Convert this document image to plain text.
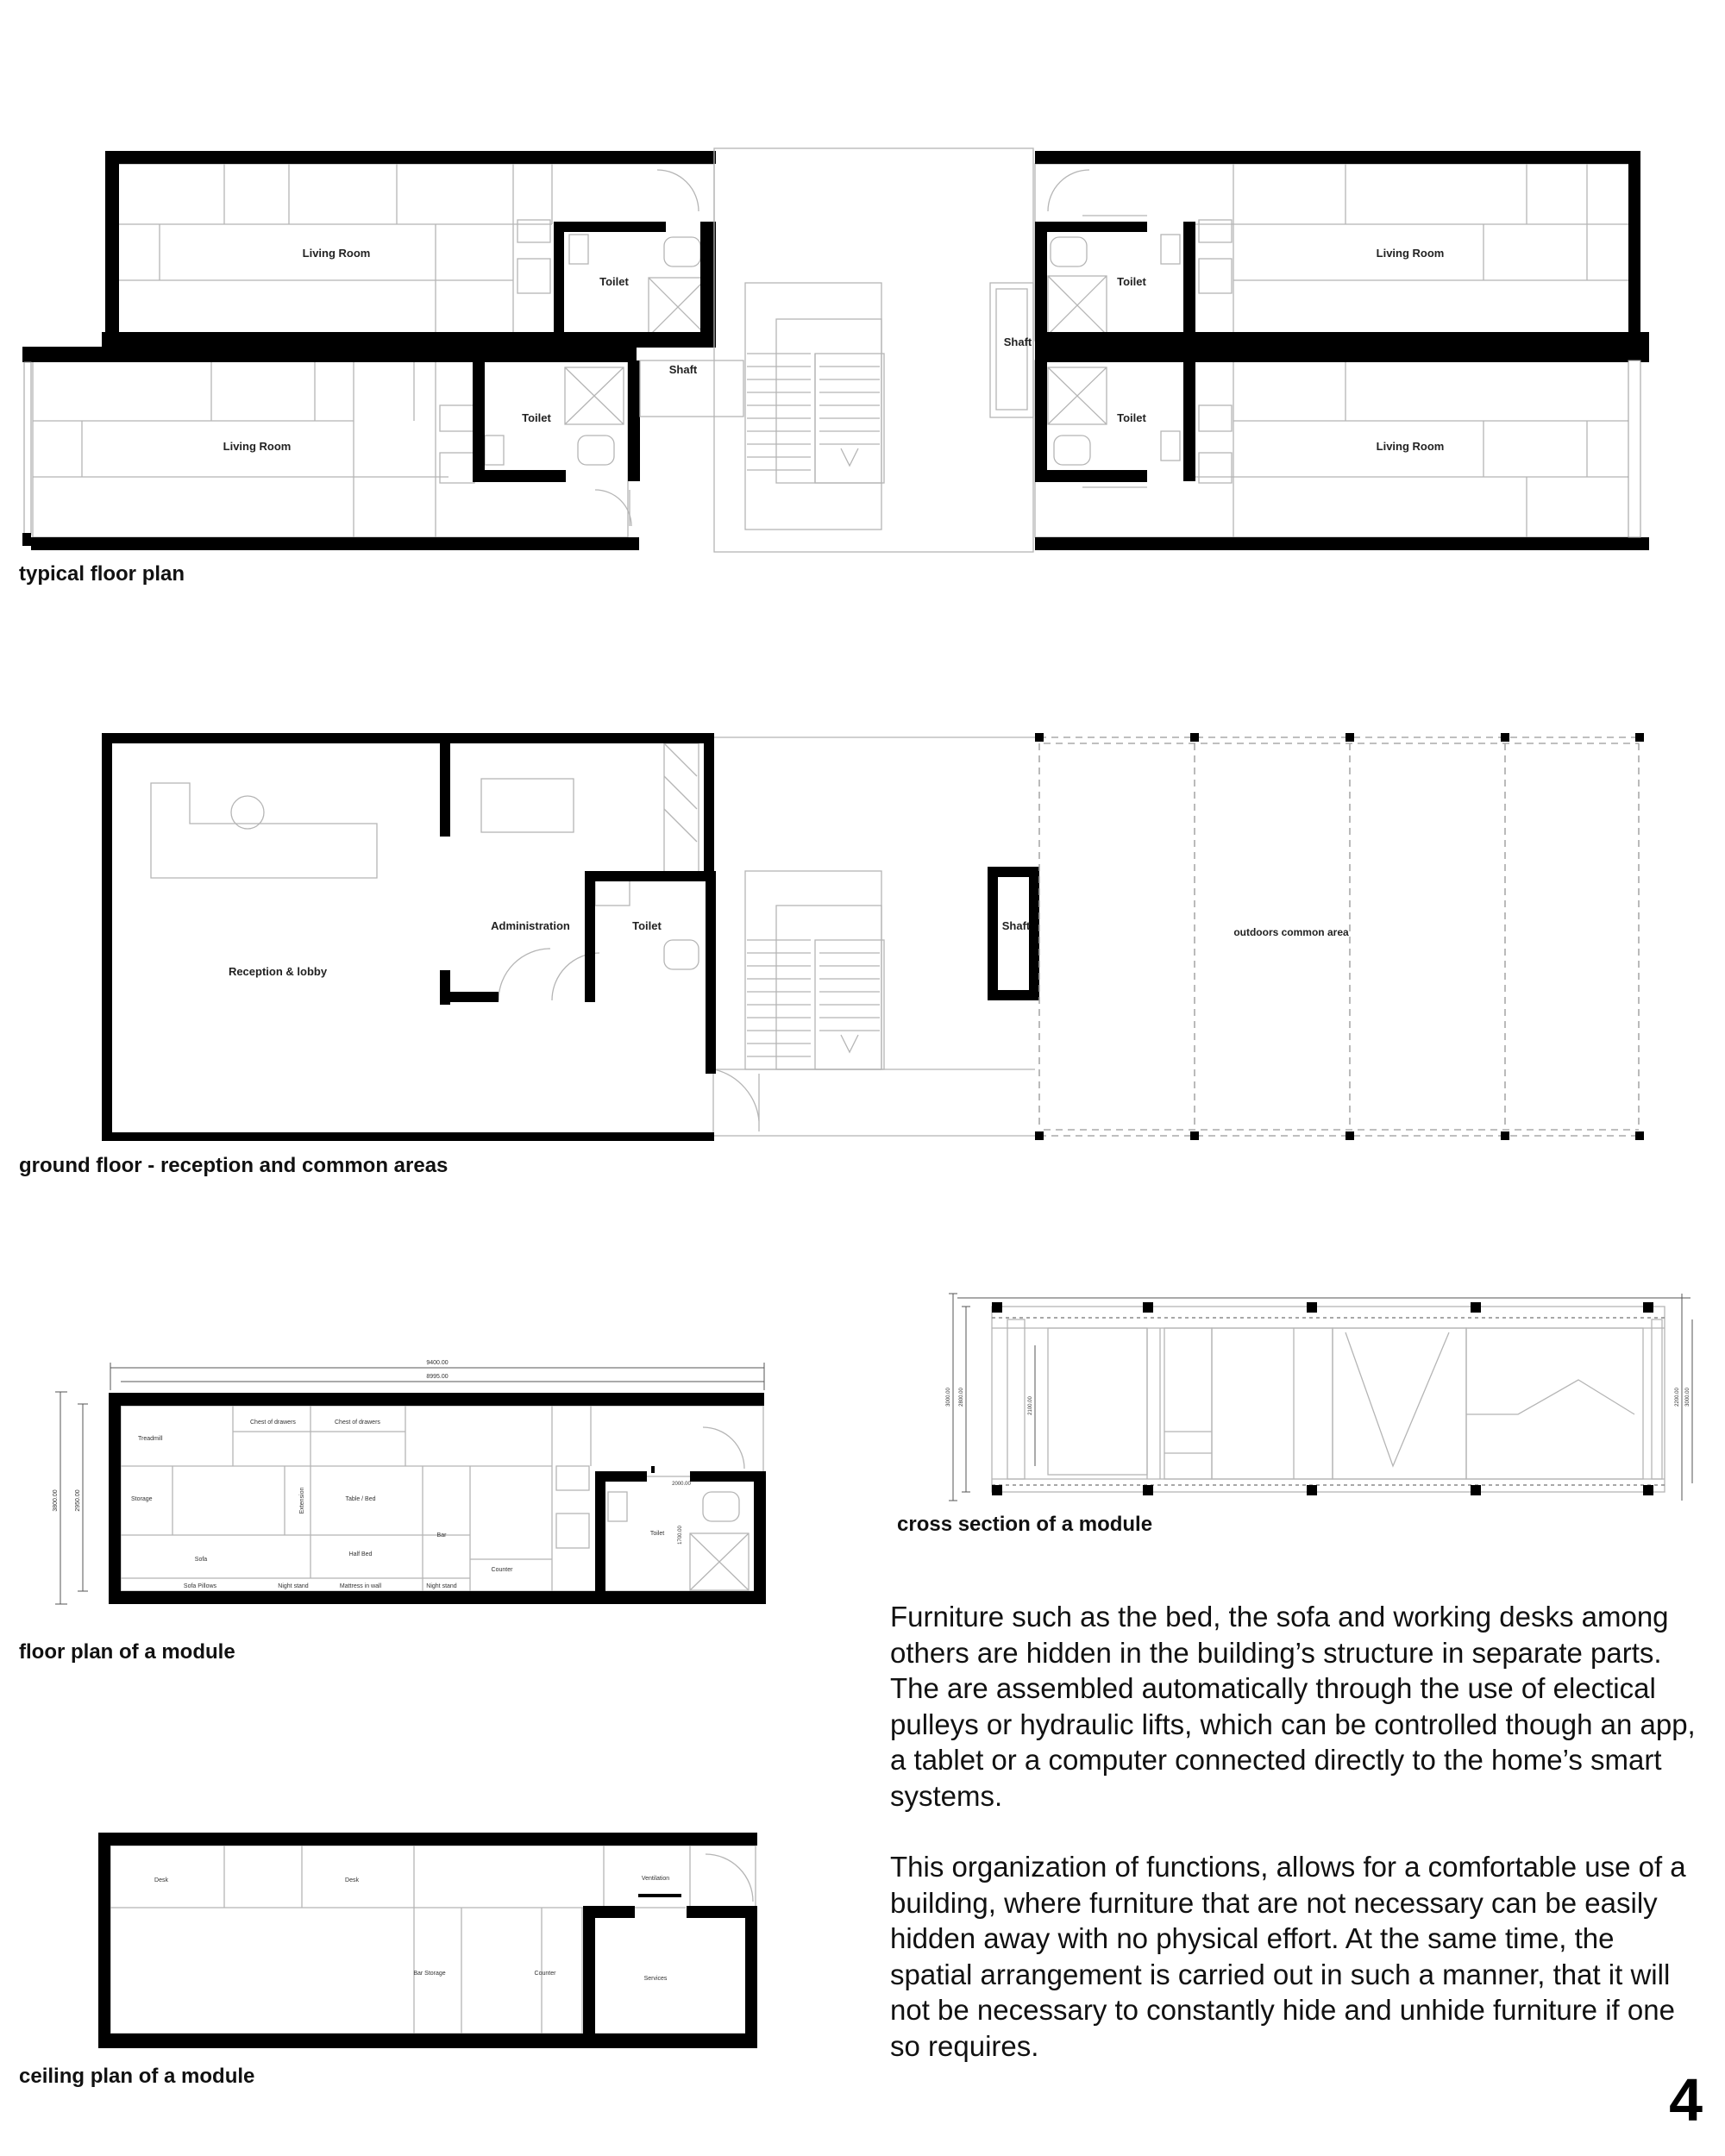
Living Room
Toilet
Living Room
Toilet
Shaft
Living Room
Toilet
Living Room
Toilet
Shaft
Reception & lobby
Administration	Toilet	Shaft	outdoors common area
9400.00
8995.00
3800.00	2950.00
Treadmill
Chest of drawers	Chest of drawers
Storage	Extension	Table / Bed
Bar
Sofa
Half Bed
Counter
Sofa Pillows	Night stand	Mattress in wall	Night stand
Toilet
2000.00
1700.00
Desk	Desk	Ventilation
Bar Storage	Counter
Services
3000.00 2800.00	2100.00	2200.00 3000.00
typical floor plan
ground floor - reception and common areas
cross section of a module
floor plan of a module
ceiling plan of a module

Furniture such as the bed, the sofa and working desks among others are hidden in the building’s structure in separate parts. The are assembled automatically through the use of electical pulleys or hydraulic lifts, which can be controlled though an app, a tablet or a computer connected directly to the home’s smart systems.

This organization of functions, allows for a comfortable use of a building, where furniture that are not necessary can be easily hidden away with no physical effort. At the same time, the spatial arrangement is carried out in such a manner, that it will not be necessary to constantly hide and unhide furniture if one so requires.

4
